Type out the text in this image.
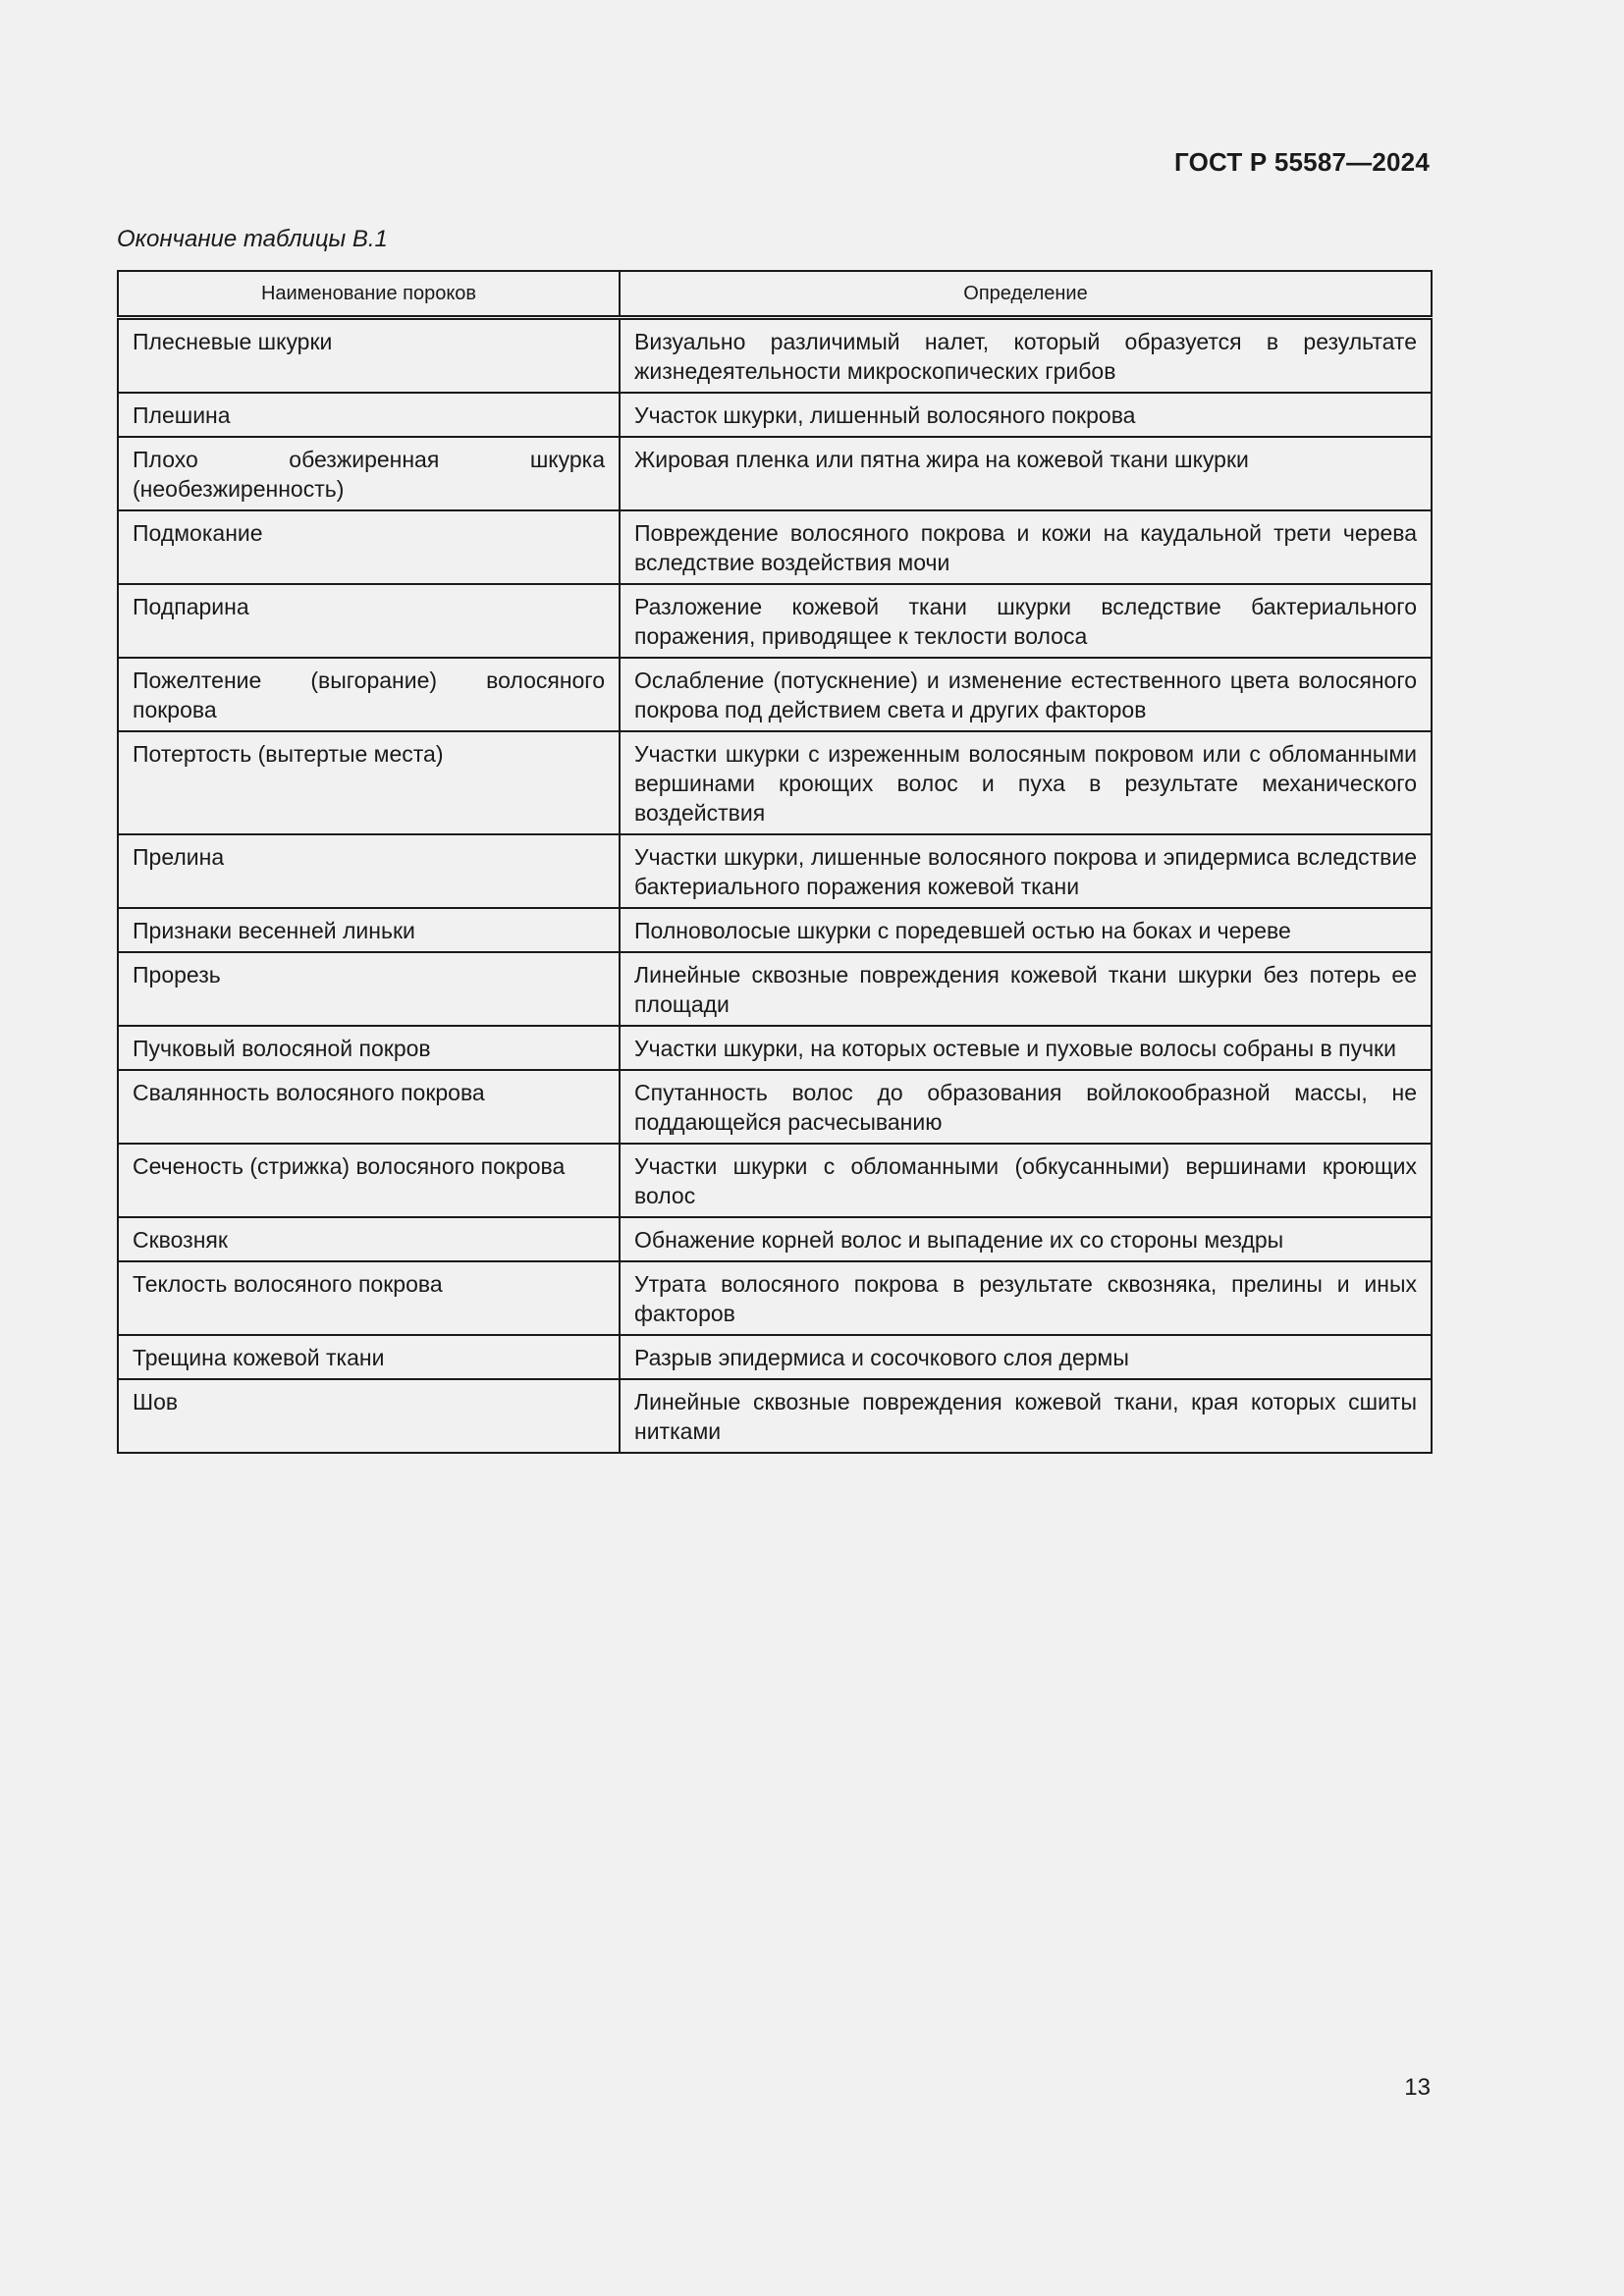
ГОСТ Р 55587—2024
Окончание таблицы В.1
Наименование пороков	Определение
Плесневые шкурки	Визуально различимый налет, который образуется в результате жизнедеятельности микроскопических грибов
Плешина	Участок шкурки, лишенный волосяного покрова
Плохо обезжиренная шкурка (необезжиренность)	Жировая пленка или пятна жира на кожевой ткани шкурки
Подмокание	Повреждение волосяного покрова и кожи на каудальной трети черева вследствие воздействия мочи
Подпарина	Разложение кожевой ткани шкурки вследствие бактериального поражения, приводящее к теклости волоса
Пожелтение (выгорание) волосяного покрова	Ослабление (потускнение) и изменение естественного цвета волосяного покрова под действием света и других факторов
Потертость (вытертые места)	Участки шкурки с изреженным волосяным покровом или с обломанными вершинами кроющих волос и пуха в результате механического воздействия
Прелина	Участки шкурки, лишенные волосяного покрова и эпидермиса вследствие бактериального поражения кожевой ткани
Признаки весенней линьки	Полноволосые шкурки с поредевшей остью на боках и череве
Прорезь	Линейные сквозные повреждения кожевой ткани шкурки без потерь ее площади
Пучковый волосяной покров	Участки шкурки, на которых остевые и пуховые волосы собраны в пучки
Свалянность волосяного покрова	Спутанность волос до образования войлокообразной массы, не поддающейся расчесыванию
Сеченость (стрижка) волосяного покрова	Участки шкурки с обломанными (обкусанными) вершинами кроющих волос
Сквозняк	Обнажение корней волос и выпадение их со стороны мездры
Теклость волосяного покрова	Утрата волосяного покрова в результате сквозняка, прелины и иных факторов
Трещина кожевой ткани	Разрыв эпидермиса и сосочкового слоя дермы
Шов	Линейные сквозные повреждения кожевой ткани, края которых сшиты нитками
13
